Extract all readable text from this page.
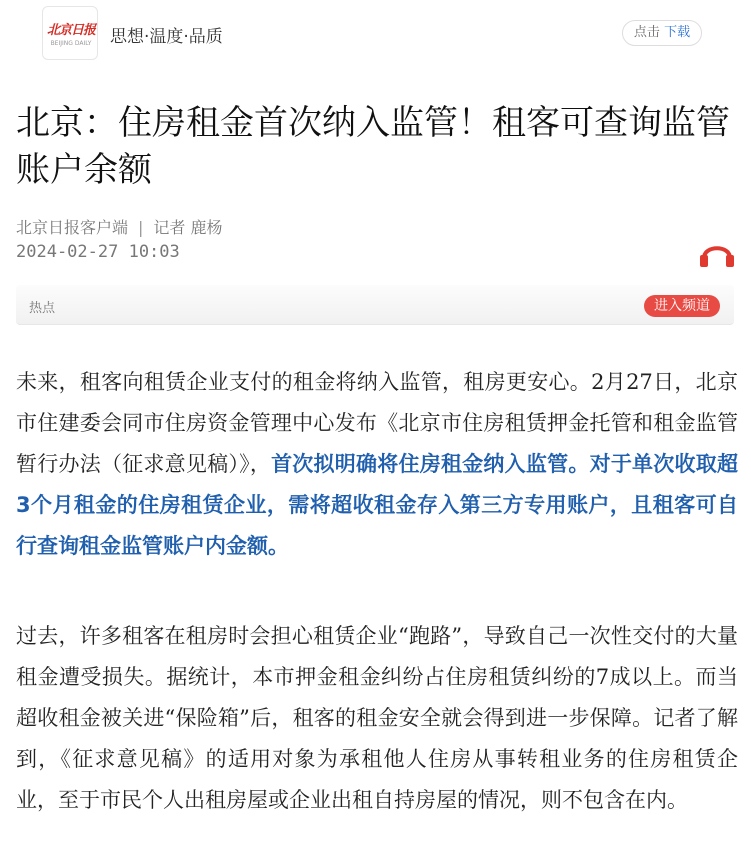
北京日报
BEIJING DAILY 思想·温度·品质	点击 下载
北京：住房租金首次纳入监管！租客可查询监管账户余额
北京日报客户端 | 记者 鹿杨
2024-02-27 10:03
热点	进入频道

未来，租客向租赁企业支付的租金将纳入监管，租房更安心。2月27日，北京市住建委会同市住房资金管理中心发布《北京市住房租赁押金托管和租金监管暂行办法（征求意见稿）》，首次拟明确将住房租金纳入监管。对于单次收取超3个月租金的住房租赁企业，需将超收租金存入第三方专用账户，且租客可自行查询租金监管账户内金额。

过去，许多租客在租房时会担心租赁企业“跑路”，导致自己一次性交付的大量租金遭受损失。据统计，本市押金租金纠纷占住房租赁纠纷的7成以上。而当超收租金被关进“保险箱”后，租客的租金安全就会得到进一步保障。记者了解到，《征求意见稿》的适用对象为承租他人住房从事转租业务的住房租赁企业，至于市民个人出租房屋或企业出租自持房屋的情况，则不包含在内。
